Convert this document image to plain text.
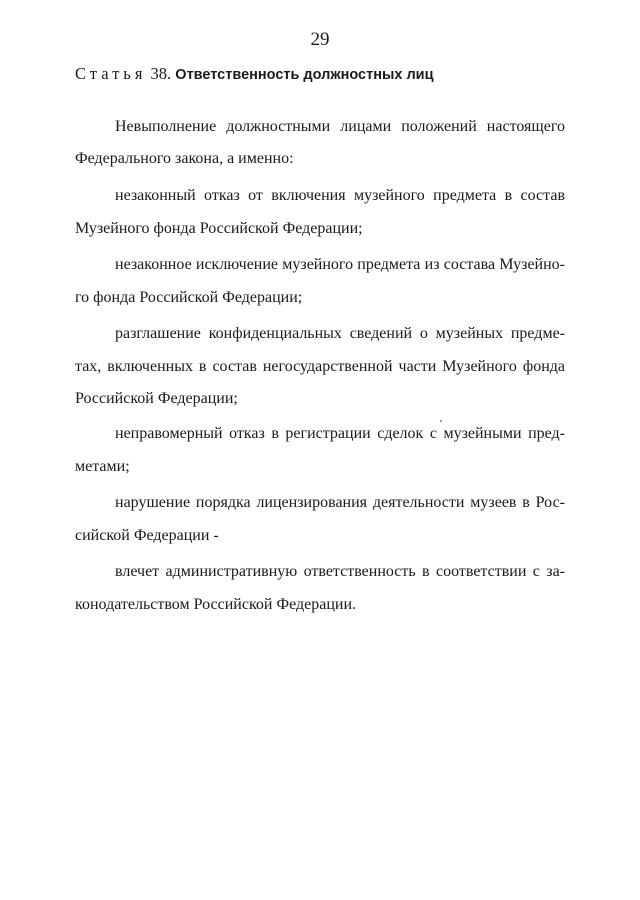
29
Статья 38. Ответственность должностных лиц
Невыполнение должностными лицами положений настоящего
Федерального закона, а именно:
незаконный отказ от включения музейного предмета в состав
Музейного фонда Российской Федерации;
незаконное исключение музейного предмета из состава Музейно-
го фонда Российской Федерации;
разглашение конфиденциальных сведений о музейных предме-
тах, включенных в состав негосударственной части Музейного фонда
Российской Федерации;
неправомерный отказ в регистрации сделок с музейными пред-
метами;
нарушение порядка лицензирования деятельности музеев в Рос-
сийской Федерации -
влечет административную ответственность в соответствии с за-
конодательством Российской Федерации.
